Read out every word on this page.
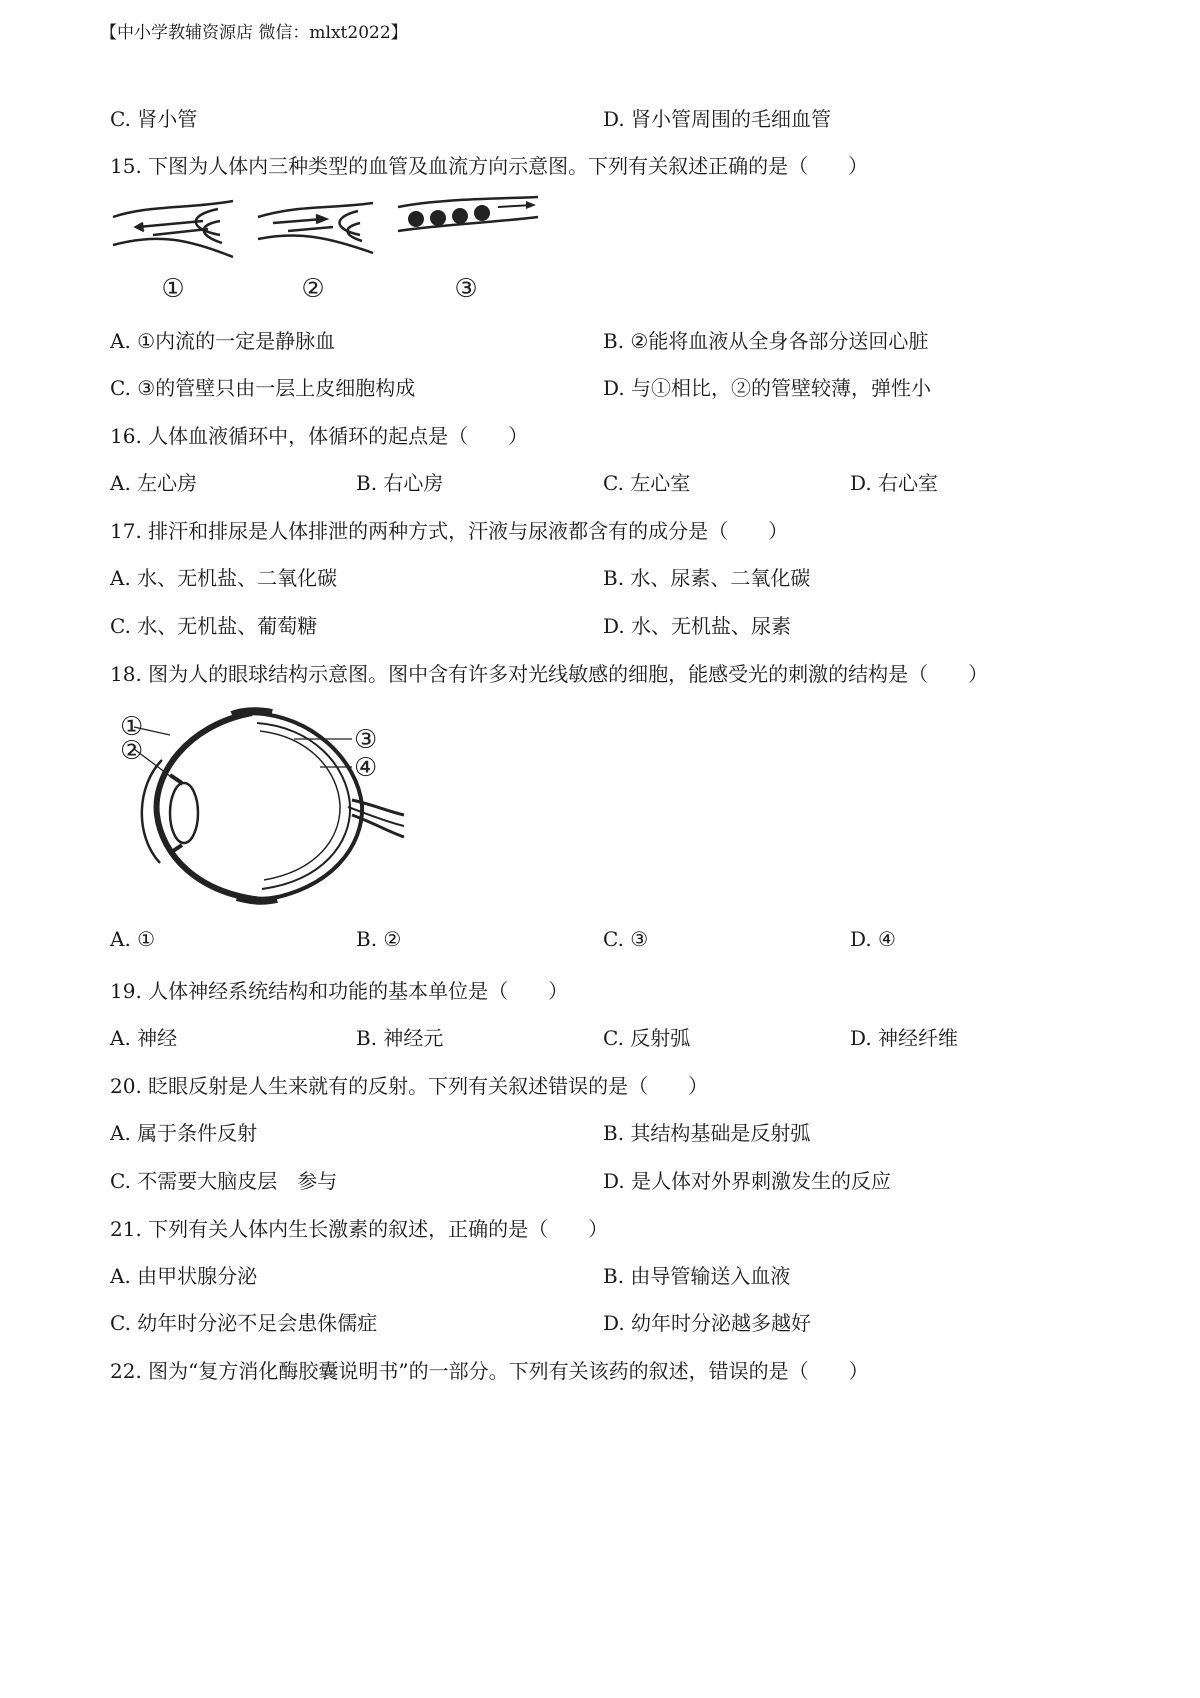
【中小学教辅资源店 微信：mlxt2022】
C. 肾小管	D. 肾小管周围的毛细血管
15. 下图为人体内三种类型的血管及血流方向示意图。下列有关叙述正确的是（　　）
①	②	③
A. ①内流的一定是静脉血	B. ②能将血液从全身各部分送回心脏
C. ③的管壁只由一层上皮细胞构成	D. 与①相比，②的管壁较薄，弹性小
16. 人体血液循环中，体循环的起点是（　　）
A. 左心房	B. 右心房	C. 左心室	D. 右心室
17. 排汗和排尿是人体排泄的两种方式，汗液与尿液都含有的成分是（　　）
A. 水、无机盐、二氧化碳	B. 水、尿素、二氧化碳
C. 水、无机盐、葡萄糖	D. 水、无机盐、尿素
18. 图为人的眼球结构示意图。图中含有许多对光线敏感的细胞，能感受光的刺激的结构是（　　）
①
②	③
④
A. ①	B. ②	C. ③	D. ④
19. 人体神经系统结构和功能的基本单位是（　　）
A. 神经	B. 神经元	C. 反射弧	D. 神经纤维
20. 眨眼反射是人生来就有的反射。下列有关叙述错误的是（　　）
A. 属于条件反射	B. 其结构基础是反射弧
C. 不需要大脑皮层　参与	D. 是人体对外界刺激发生的反应
21. 下列有关人体内生长激素的叙述，正确的是（　　）
A. 由甲状腺分泌	B. 由导管输送入血液
C. 幼年时分泌不足会患侏儒症	D. 幼年时分泌越多越好
22. 图为“复方消化酶胶囊说明书”的一部分。下列有关该药的叙述，错误的是（　　）
